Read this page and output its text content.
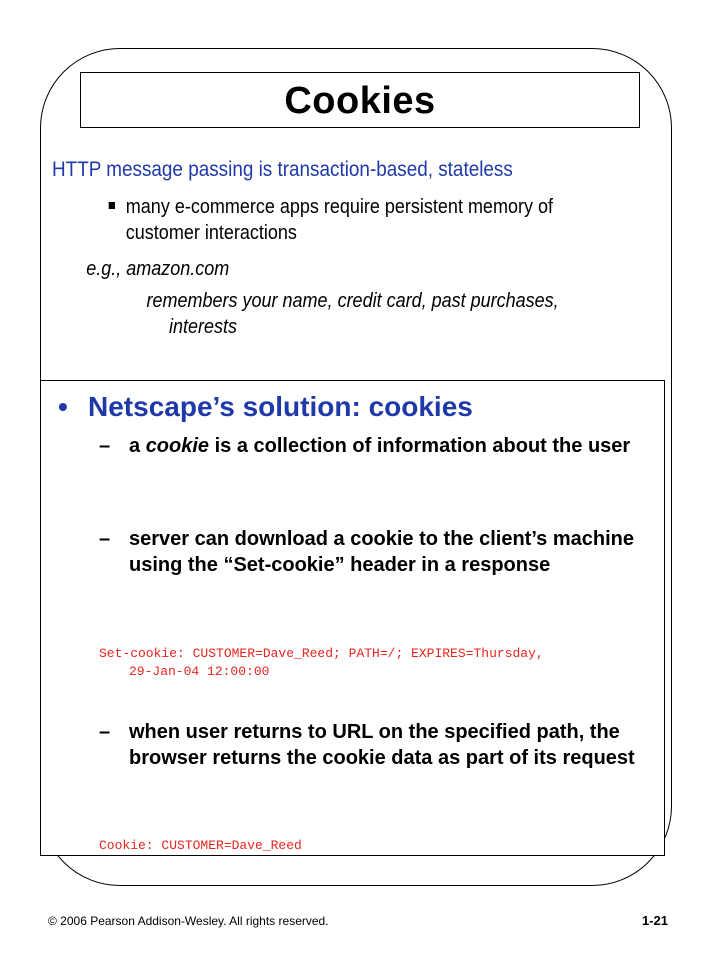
Cookies
HTTP message passing is transaction-based, stateless
many e-commerce apps require persistent memory of
customer interactions
e.g., amazon.com
remembers your name, credit card, past purchases,
interests
• Netscape’s solution: cookies
– a cookie is a collection of information about the user
– server can download a cookie to the client’s machine using the “Set-cookie” header in a response
Set-cookie: CUSTOMER=Dave_Reed; PATH=/; EXPIRES=Thursday,
29-Jan-04 12:00:00
– when user returns to URL on the specified path, the browser returns the cookie data as part of its request
Cookie: CUSTOMER=Dave_Reed
© 2006 Pearson Addison-Wesley. All rights reserved.	1-21
